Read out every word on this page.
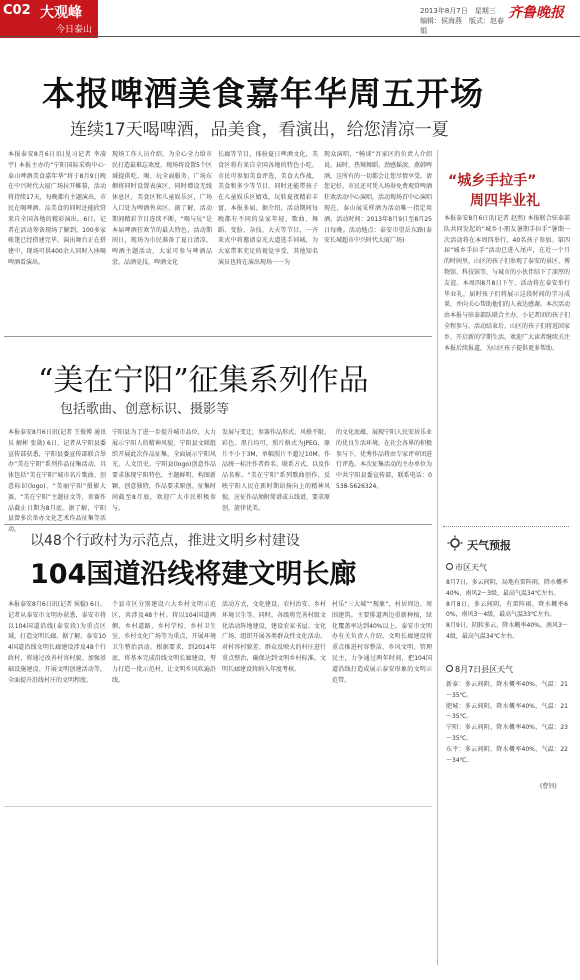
C02 大观峰
今日泰山
2013年8月7日　星期三
编辑：侯海燕　版式：赵春娟
齐鲁晚报
本报啤酒美食嘉年华周五开场
连续17天喝啤酒，品美食，看演出，给您清凉一夏
本报泰安8月6日讯(见习记者 李凌宇) 本报主办的“宁阳国际采购中心·泰山啤酒美食嘉年华”将于8月9日晚在中兴时代大厦广场拉开帷幕，活动将持续17天，每晚都有主题演出，市民在喝啤酒、品美食的同时还能欣赏来自全国各地的精彩演出。6日，记者在活动筹备现场了解到，100多家帐篷已经搭建完毕，演出舞台正在搭建中，现场可供400余人同时入座喝啤酒看演出。
现场工作人员介绍，为全心全力给市民打造最难忘欢度，现场将设置5个区域提供吃、喝、玩全面服务，广场东侧将同时设置表演区，同时增设无线休息区，美食区和儿童娱乐区，广场入口处为啤酒售卖区。据了解，活动期间精彩节目连续不断，“喝与玩”是本届啤酒狂欢节的最大特色，活动期间日，现场为市民准备了夏日清凉，啤酒主题活动，大家可参与啤酒品尝，品酒竞技，啤酒文化
长廊等节目，体验夏日啤酒文化，美食区将有来自全国各地的特色小吃，市民可参加美食评选，美食大作战，美食和多少等节目，同时还能带孩子在儿童娱乐区嬉戏，玩转夏夜精彩丰富，本报多届。据介绍，活动期间每晚都有不同的皇家年轻，歌曲、舞蹈、变脸、杂技、大天等节目，一齐来式中将邀请皇光大道选手同城，为大家带来充足的视觉享受，其他知名演员也将在演出现场一一为
现众演唱，“畅谈”吾家区的负责人介绍说。届时，热辣舞蹈、劲感摇滚、燕韩啤酒，这所有的一切都会让您尽情享受。请您记好，市民还可凭入场券免费观赏啤酒狂欢活动中心演唱，活动现场首中心演唱现在，泰山展采样酒为活动唯一指定用酒。活动时间：2013年8月9日至8月25日每晚。活动地点：泰安市望岳东路(泰安长城超市中兴时代大厦广场)
“美在宁阳”征集系列作品
包括歌曲、创意标识、摄影等
本报泰安8月6日讯(记者 王俊博 通讯员 解彬 张勋) 6日，记者从宁阳县委宣传部获悉，宁阳县委宣传部联合举办“美在宁阳”系列作品征集活动，具体包括“美在宁阳”城市名片歌曲、创意标识(logo)、“美丽宁阳”摄影大赛，“美在宁阳”主题征文等，参赛作品截止日期为8月底。据了解，宁阳县曾多次举办文化艺术作品征集等活动。
宁阳县为了进一步提升城市品位，大力展示宁阳人的精神风貌，宁阳县文联组织开展此次作品征集，全面展示宁阳风光、人文历史。宁阳县(logo)创意作品要求体现宁阳特色，主题鲜明、构图新颖、创意独特，作品要求原创。征集时间截至8月底，欢迎广大市民积极参与。
发展与变迁，参赛作品形式、风格不限，彩色、黑白均可，照片格式为JPEG，原片不小于3M，单幅照片不超过10M。作品统一标注作者姓名、联系方式，以及作品名称。“美在宁阳”系列歌曲创作，反映宁阳人民在新时期昂扬向上的精神风貌，应征作品须附简谱或五线谱，要求原创，旋律优美。
的文化底蕴，展现宁阳人民安居乐业的优良生活环境。在社会各界的积极参与下，优秀作品将由专家评审团进行评选。本次征集活动的主办单位为中共宁阳县委宣传部，联系电话：0538-5626324。
以48个行政村为示范点，推进文明乡村建设
104国道沿线将建文明长廊
本报泰安8月6日讯(记者 侯稳) 6日，记者从泰安市文明办获悉，泰安市将以104国道沿线(泰安段)为重点区域，打造文明长廊。据了解，泰安104国道沿线文明长廊建设涉及48个行政村，将通过改善村容村貌、加强基础设施建设、开展文明创建活动等，全面提升沿线村庄的文明程度。
个县市区分别建设六大乡村文明示范区，共涉及48个村。将以104国道两侧、乡村道路、乡村学校、乡村卫生室、乡村文化广场等为重点，开展环境卫生整治活动。根据要求，到2014年底，将基本完成沿线文明长廊建设，努力打造一批示范村，让文明乡风吹遍沿线。
活动方式，文化建设、农村治安、乡村环境卫生等。同时，各级将完善村级文化活动阵地建设，建设农家书屋、文化广场，组织开展各类群众性文化活动。对村容村貌差、群众反映大的村庄进行重点整治，确保达到文明乡村标准。文明长廊建设将纳入年度考核。
村乐“三大城”“现象”，村居周边、周围建筑。主要排道两边重新种植，绿化覆盖率达到40%以上。泰安市文明办有关负责人介绍，文明长廊建设将重点推进村容整洁、乡风文明、管理民主，力争通过两年时间，把104国道沿线打造成展示泰安形象的文明示范带。
“城乡手拉手”
周四毕业礼
本报泰安8月6日讯(记者 赵然) 本报联合驻泰部队共同发起的“城乡小朋友暑期手拉手”暑期一次活动将在本周四举行，40名孩子参加。第四届“城乡手拉手”活动已进入尾声，在近一个月的时间里，山区的孩子们参观了泰安的景区、博物馆、科技馆等，与城市的小伙伴结下了深厚的友谊。本周四8月8日下午，活动将在泰安举行毕业礼，届时孩子们将展示这段时间的学习成果，并向关心帮助他们的人表达感谢。本次活动由本报与驻泰部队联合主办，小记者团的孩子们全程参与。活动结束后，山区的孩子们将返回家乡，开启新的学期生活。欢迎广大读者继续关注本报后续报道，为山区孩子提供更多帮助。
天气预报
市区天气
8月7日，多云间阴，局地有雷阵雨，降水概率40%，南风2～3级，最高气温34℃左右。
8月8日，多云间阴，有雷阵雨，降水概率60%，南风3～4级，最高气温33℃左右。
8月9日，阴转多云，降水概率40%，南风3～4级，最高气温34℃左右。
8月7日县区天气
新泰：多云间阴，降水概率40%，气温：21～35℃。
肥城：多云间阴，降水概率40%，气温：21～35℃。
宁阳：多云间阴，降水概率40%，气温：23～35℃。
东平：多云间阴，降水概率40%，气温：22～34℃。
(曹钊)
